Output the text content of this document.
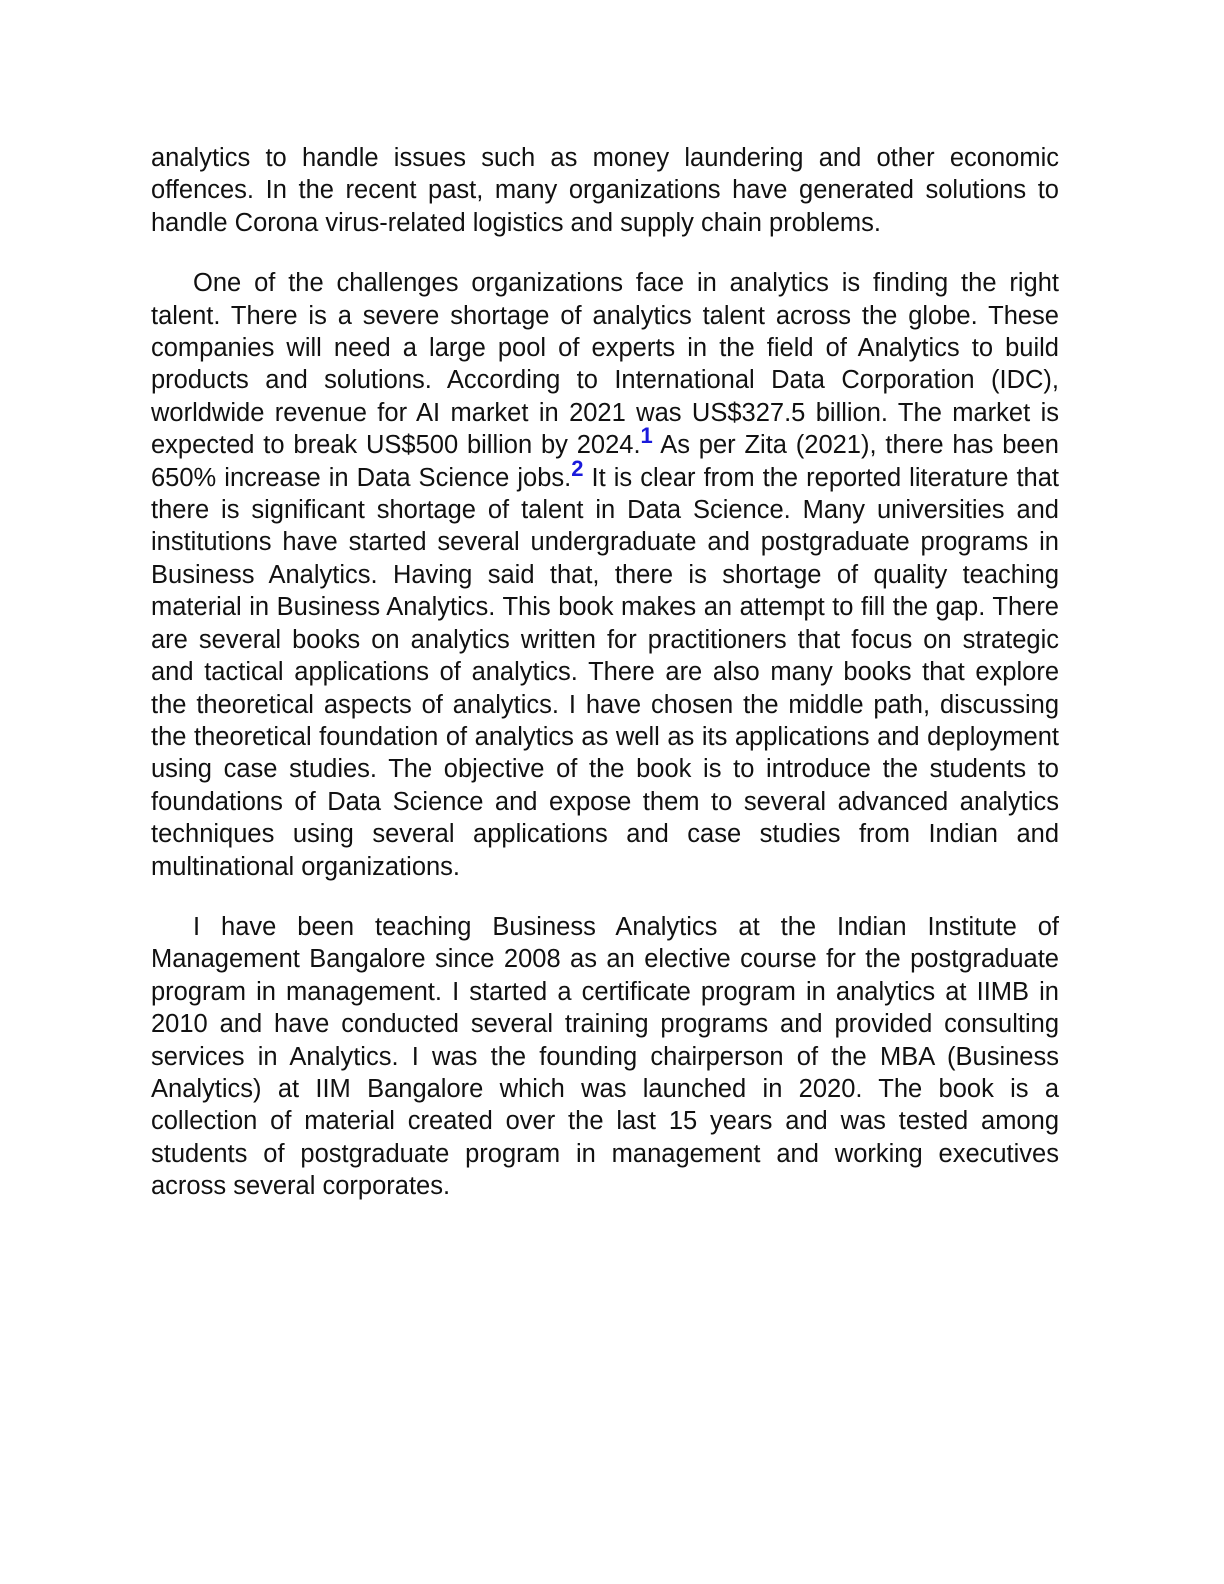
analytics to handle issues such as money laundering and other economic offences. In the recent past, many organizations have generated solutions to handle Corona virus-related logistics and supply chain problems.

One of the challenges organizations face in analytics is finding the right talent. There is a severe shortage of analytics talent across the globe. These companies will need a large pool of experts in the field of Analytics to build products and solutions. According to International Data Corporation (IDC), worldwide revenue for AI market in 2021 was US$327.5 billion. The market is expected to break US$500 billion by 2024.1 As per Zita (2021), there has been 650% increase in Data Science jobs.2 It is clear from the reported literature that there is significant shortage of talent in Data Science. Many universities and institutions have started several undergraduate and postgraduate programs in Business Analytics. Having said that, there is shortage of quality teaching material in Business Analytics. This book makes an attempt to fill the gap. There are several books on analytics written for practitioners that focus on strategic and tactical applications of analytics. There are also many books that explore the theoretical aspects of analytics. I have chosen the middle path, discussing the theoretical foundation of analytics as well as its applications and deployment using case studies. The objective of the book is to introduce the students to foundations of Data Science and expose them to several advanced analytics techniques using several applications and case studies from Indian and multinational organizations.

I have been teaching Business Analytics at the Indian Institute of Management Bangalore since 2008 as an elective course for the postgraduate program in management. I started a certificate program in analytics at IIMB in 2010 and have conducted several training programs and provided consulting services in Analytics. I was the founding chairperson of the MBA (Business Analytics) at IIM Bangalore which was launched in 2020. The book is a collection of material created over the last 15 years and was tested among students of postgraduate program in management and working executives across several corporates.
